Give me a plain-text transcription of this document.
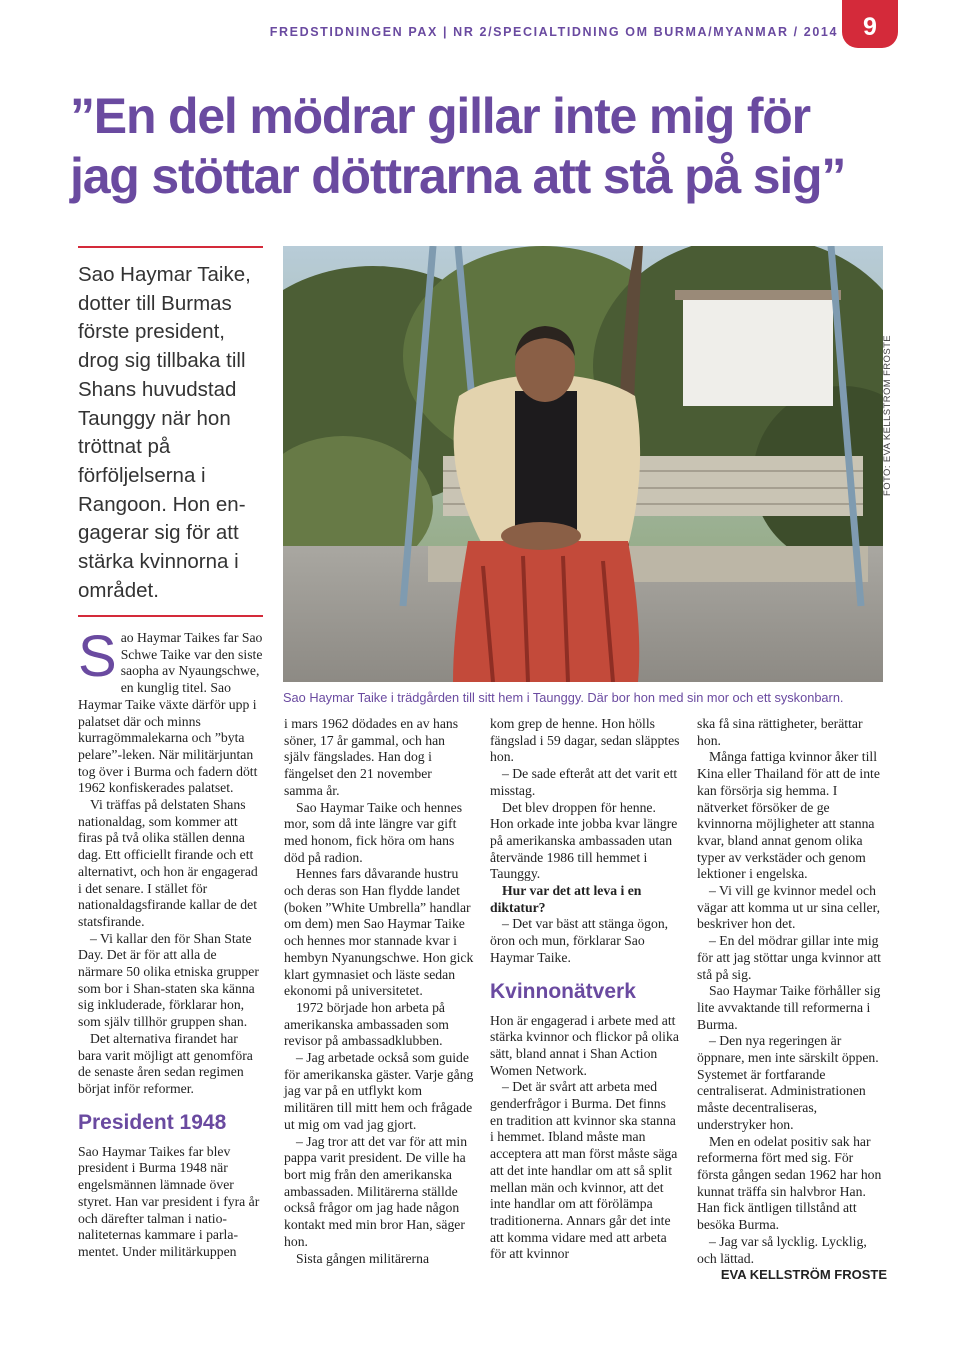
FREDSTIDNINGEN PAX | NR 2/SPECIALTIDNING OM BURMA/MYANMAR / 2014	9
”En del mödrar gillar inte mig för
jag stöttar döttrarna att stå på sig”

Sao Haymar Taike, dotter till Burmas förste president, drog sig tillbaka till Shans huvudstad Taunggy när hon tröttnat på förföljelserna i Rangoon. Hon engagerar sig för att stärka kvinnorna i området.

FOTO: EVA KELLSTRÖM FROSTE

Sao Haymar Taike i trädgården till sitt hem i Taunggy. Där bor hon med sin mor och ett syskonbarn.

S ao Haymar Taikes far Sao Schwe Taike var den siste saopha av Nyaungschwe, en kunglig titel. Sao Haymar Taike växte därför upp i palatset där och minns kurragömmalekarna och ”byta pelare”-leken. När militärjuntan tog över i Burma och fadern dött 1962 konfiskerades palatset.

Vi träffas på delstaten Shans nationaldag, som kommer att firas på två olika ställen denna dag. Ett officiellt firande och ett alternativt, och hon är engagerad i det senare. I stället för nationaldagsfirande kallar de det statsfirande.

– Vi kallar den för Shan State Day. Det är för att alla de närmare 50 olika etniska grupper som bor i Shan-staten ska känna sig inkluderade, förklarar hon, som själv tillhör gruppen shan.

Det alternativa firandet har bara varit möjligt att genomföra de senaste åren sedan regimen börjat inför reformer.

President 1948

Sao Haymar Taikes far blev president i Burma 1948 när engelsmännen lämnade över styret. Han var president i fyra år och därefter talman i nationaliteternas kammare i parlamentet. Under militärkuppen

i mars 1962 dödades en av hans söner, 17 år gammal, och han själv fängslades. Han dog i fängelset den 21 november samma år.

Sao Haymar Taike och hennes mor, som då inte längre var gift med honom, fick höra om hans död på radion.

Hennes fars dåvarande hustru och deras son Han flydde landet (boken ”White Umbrella” handlar om dem) men Sao Haymar Taike och hennes mor stannade kvar i hembyn Nyanungschwe. Hon gick klart gymnasiet och läste sedan ekonomi på universitetet.

1972 började hon arbeta på amerikanska ambassaden som revisor på ambassadklubben.

– Jag arbetade också som guide för amerikanska gäster. Varje gång jag var på en utflykt kom militären till mitt hem och frågade ut mig om vad jag gjort.

– Jag tror att det var för att min pappa varit president. De ville ha bort mig från den amerikanska ambassaden. Militärerna ställde också frågor om jag hade någon kontakt med min bror Han, säger hon.

Sista gången militärerna

kom grep de henne. Hon hölls fängslad i 59 dagar, sedan släpptes hon.

– De sade efteråt att det varit ett misstag.

Det blev droppen för henne. Hon orkade inte jobba kvar längre på amerikanska ambassaden utan återvände 1986 till hemmet i Taunggy.

Hur var det att leva i en diktatur?

– Det var bäst att stänga ögon, öron och mun, förklarar Sao Haymar Taike.

Kvinnonätverk

Hon är engagerad i arbete med att stärka kvinnor och flickor på olika sätt, bland annat i Shan Action Women Network.

– Det är svårt att arbeta med genderfrågor i Burma. Det finns en tradition att kvinnor ska stanna i hemmet. Ibland måste man acceptera att man först måste säga att det inte handlar om att så split mellan män och kvinnor, att det inte handlar om att förölämpa traditionerna. Annars går det inte att komma vidare med att arbeta för att kvinnor

ska få sina rättigheter, berättar hon.

Många fattiga kvinnor åker till Kina eller Thailand för att de inte kan försörja sig hemma. I nätverket försöker de ge kvinnorna möjligheter att stanna kvar, bland annat genom olika typer av verkstäder och genom lektioner i engelska.

– Vi vill ge kvinnor medel och vägar att komma ut ur sina celler, beskriver hon det.

– En del mödrar gillar inte mig för att jag stöttar unga kvinnor att stå på sig.

Sao Haymar Taike förhåller sig lite avvaktande till reformerna i Burma.

– Den nya regeringen är öppnare, men inte särskilt öppen. Systemet är fortfarande centraliserat. Administrationen måste decentraliseras, understryker hon.

Men en odelat positiv sak har reformerna fört med sig. För första gången sedan 1962 har hon kunnat träffa sin halvbror Han. Han fick äntligen tillstånd att besöka Burma.

– Jag var så lycklig. Lycklig, och lättad.

EVA KELLSTRÖM FROSTE
